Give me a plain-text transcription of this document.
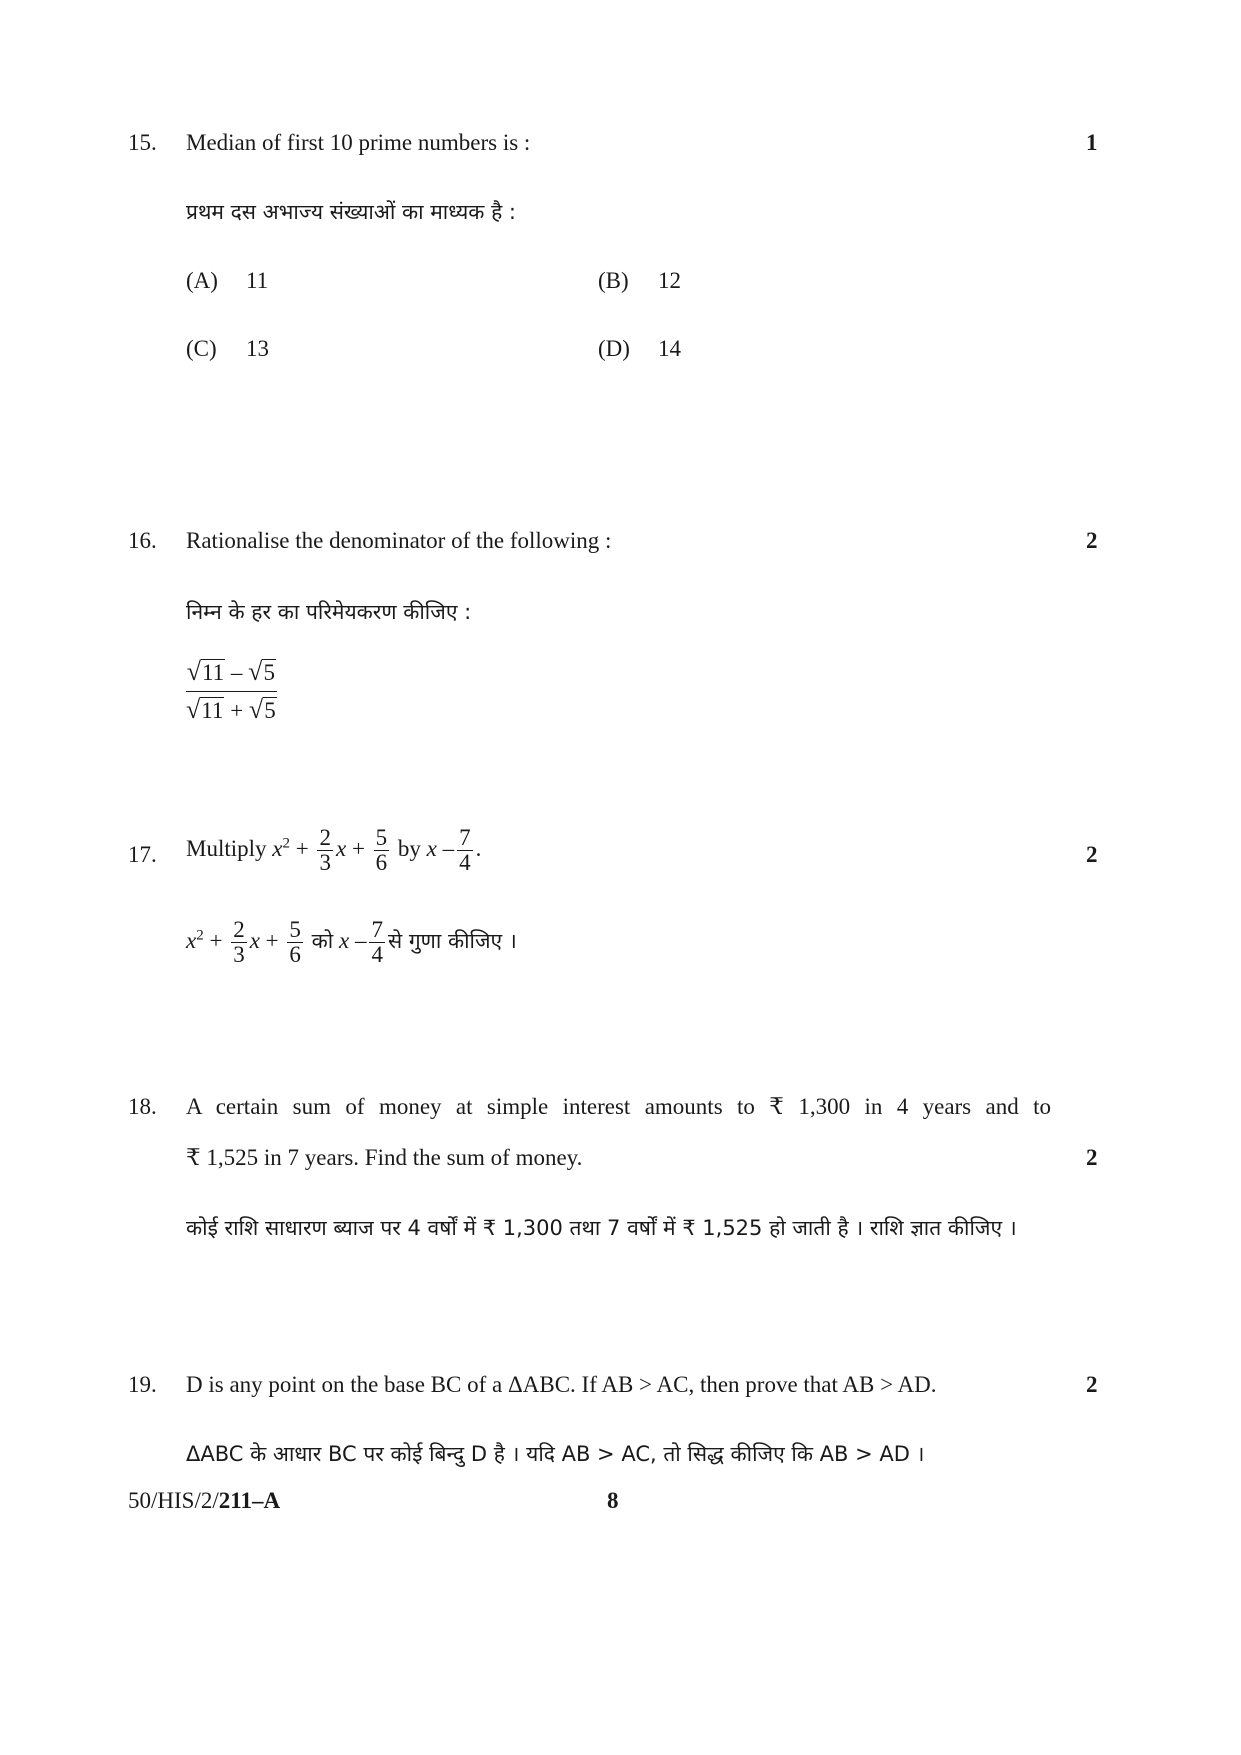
15. Median of first 10 prime numbers is :	1
प्रथम दस अभाज्य संख्याओं का माध्यक है :
(A) 11	(B) 12
(C) 13	(D) 14
16. Rationalise the denominator of the following :	2
निम्न के हर का परिमेयकरण कीजिए :
$\frac{√11 - √5}{√11 + √5}$
17.	2
Multiply $x^2 + \frac{2}{3}$ $x + \frac{5}{6}$ by x – $\frac{7}{4}$ .
$x^2 + \frac{2}{3}$ $x + \frac{5}{6}$ को x – $\frac{7}{4}$ से गुणा कीजिए ।
18. A certain sum of money at simple interest amounts to ₹ 1,300 in 4 years and to
₹ 1,525 in 7 years. Find the sum of money.	2
कोई राशि साधारण ब्याज पर 4 वर्षों में ₹ 1,300 तथा 7 वर्षों में ₹ 1,525 हो जाती है । राशि ज्ञात कीजिए ।
19. D is any point on the base BC of a ΔABC. If AB > AC, then prove that AB > AD.	2
ΔABC के आधार BC पर कोई बिन्दु D है । यदि AB > AC, तो सिद्ध कीजिए कि AB > AD ।
50/HIS/2/211–A	8
